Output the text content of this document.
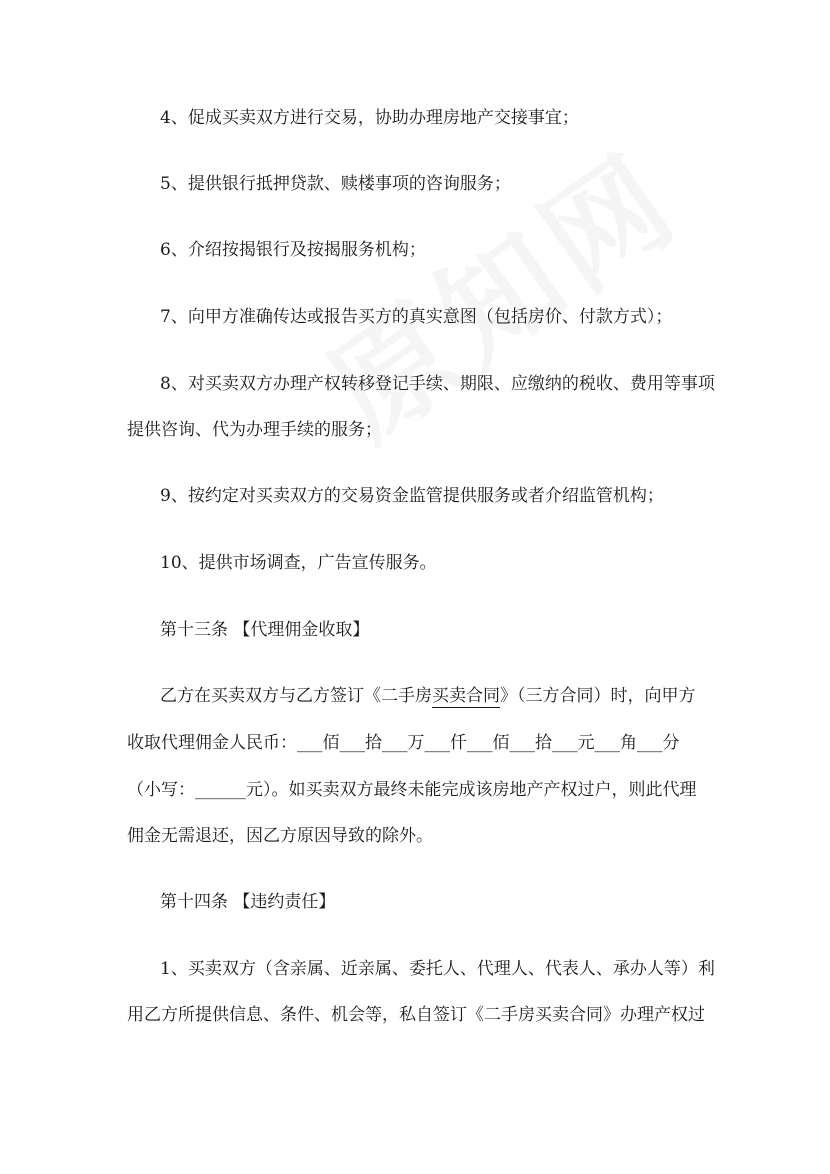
4、促成买卖双方进行交易，协助办理房地产交接事宜；
5、提供银行抵押贷款、赎楼事项的咨询服务；
6、介绍按揭银行及按揭服务机构；
7、向甲方准确传达或报告买方的真实意图（包括房价、付款方式）；
8、对买卖双方办理产权转移登记手续、期限、应缴纳的税收、费用等事项
提供咨询、代为办理手续的服务；
9、按约定对买卖双方的交易资金监管提供服务或者介绍监管机构；
10、提供市场调查，广告宣传服务。
第十三条 【代理佣金收取】
乙方在买卖双方与乙方签订《二手房买卖合同》（三方合同）时，向甲方
收取代理佣金人民币：___佰___拾___万___仟___佰___拾___元___角___分
（小写：______元）。如买卖双方最终未能完成该房地产产权过户，则此代理
佣金无需退还，因乙方原因导致的除外。
第十四条 【违约责任】
1、买卖双方（含亲属、近亲属、委托人、代理人、代表人、承办人等）利
用乙方所提供信息、条件、机会等，私自签订《二手房买卖合同》办理产权过
